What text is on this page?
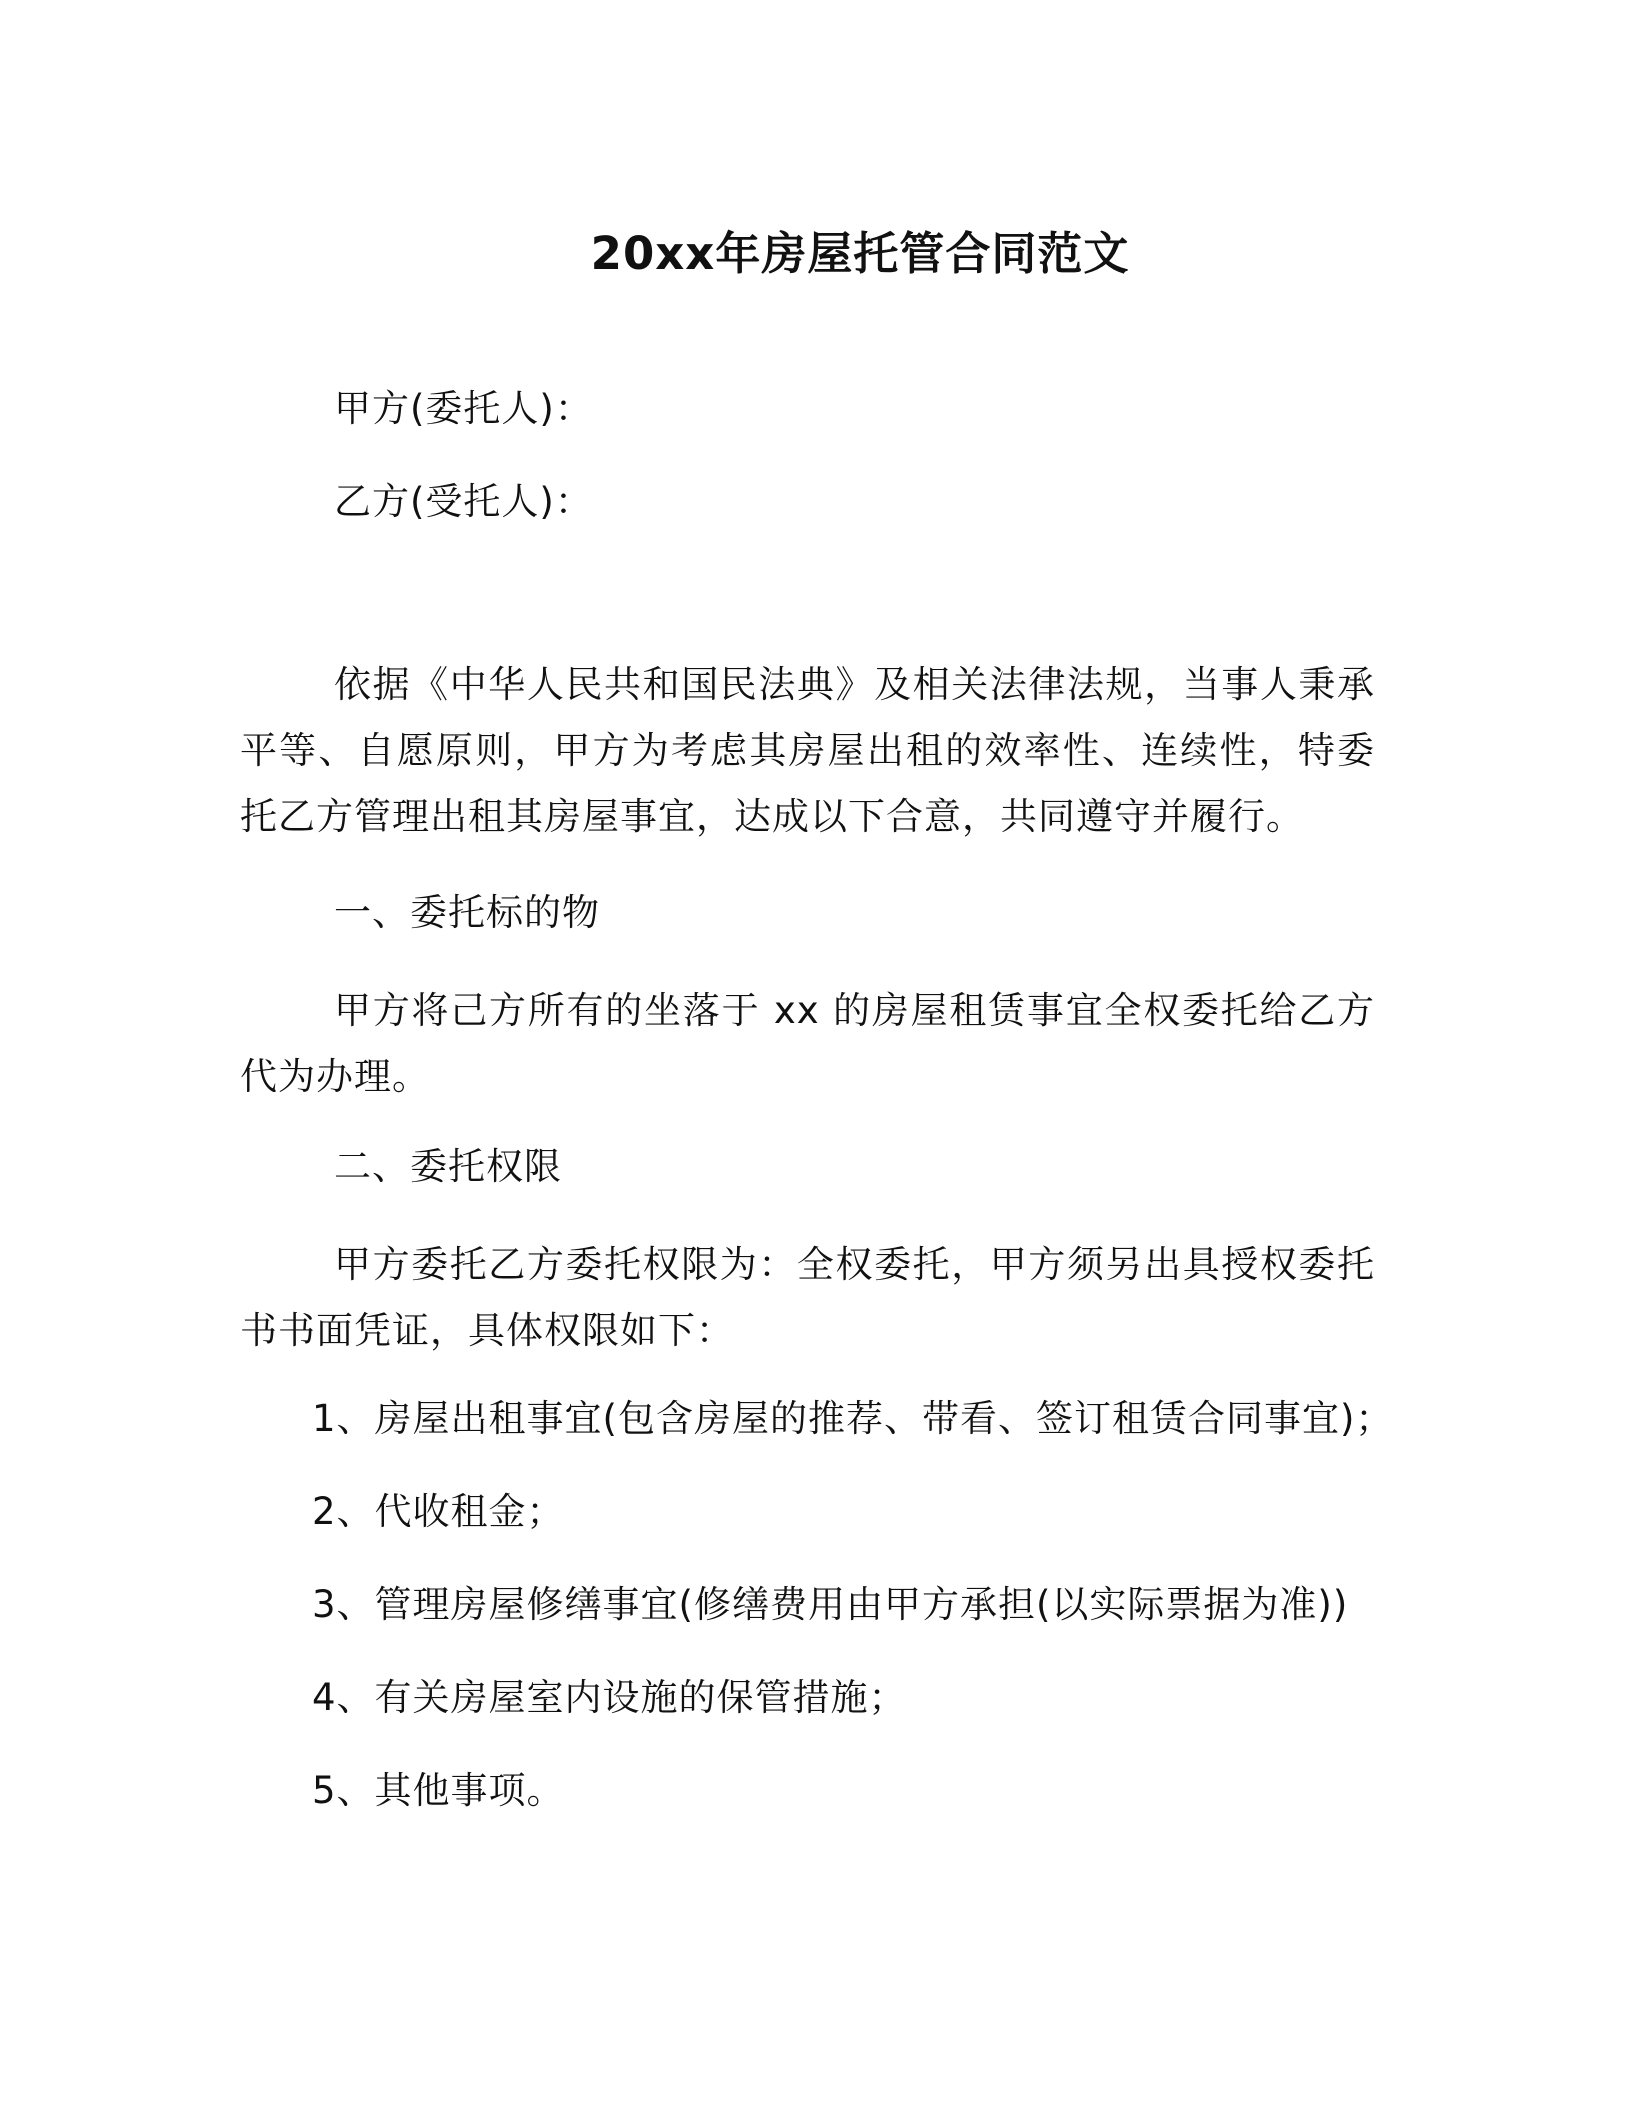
20xx年房屋托管合同范文
甲方(委托人)：
乙方(受托人)：
依据《中华人民共和国民法典》及相关法律法规，当事人秉承平等、自愿原则，甲方为考虑其房屋出租的效率性、连续性，特委托乙方管理出租其房屋事宜，达成以下合意，共同遵守并履行。
一、委托标的物
甲方将己方所有的坐落于 xx 的房屋租赁事宜全权委托给乙方代为办理。
二、委托权限
甲方委托乙方委托权限为：全权委托，甲方须另出具授权委托书书面凭证，具体权限如下：
1、房屋出租事宜(包含房屋的推荐、带看、签订租赁合同事宜)；
2、代收租金；
3、管理房屋修缮事宜(修缮费用由甲方承担(以实际票据为准))
4、有关房屋室内设施的保管措施；
5、其他事项。
